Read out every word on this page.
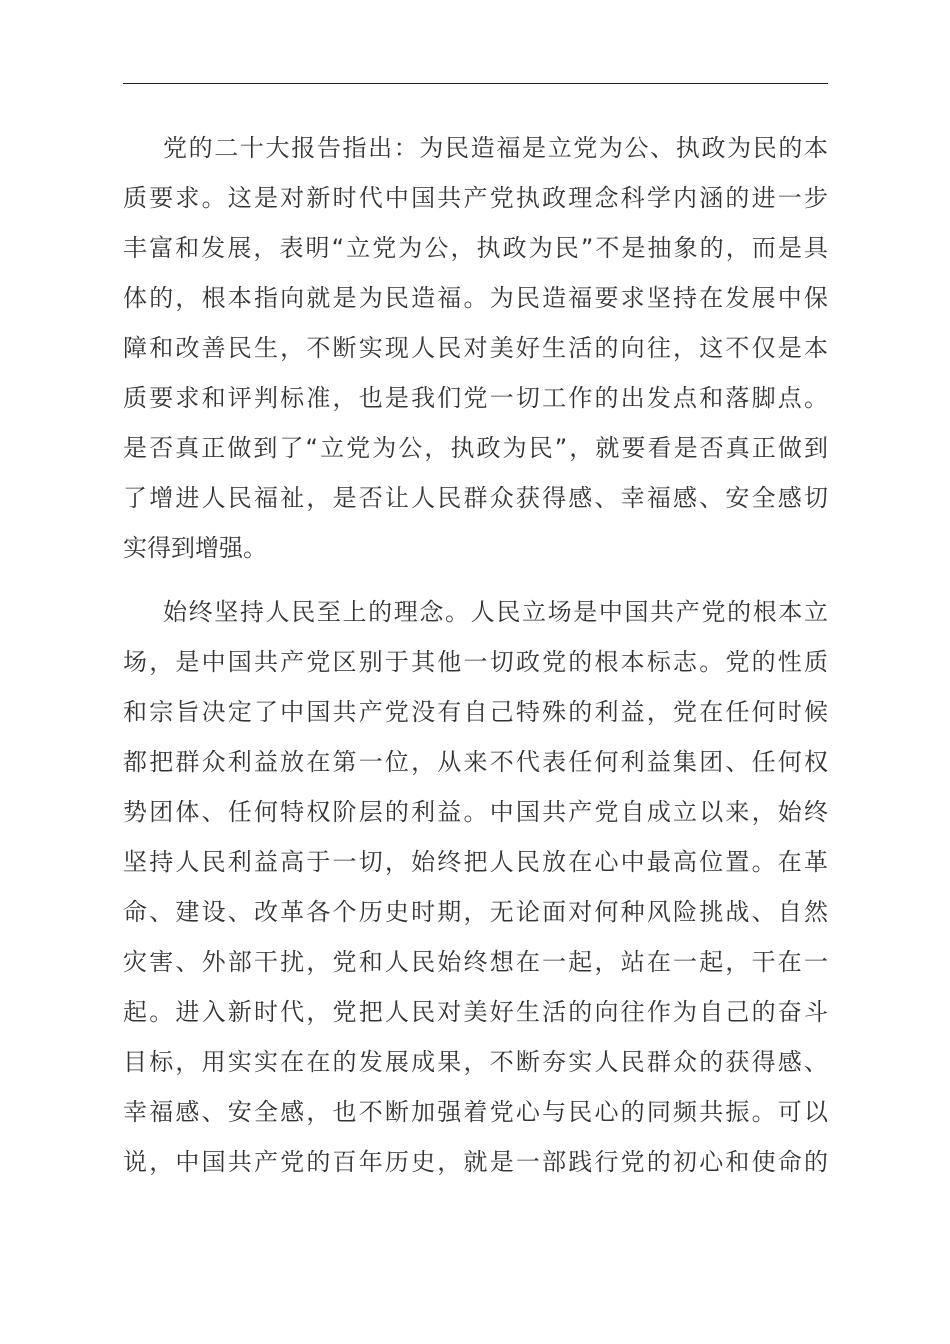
党的二十大报告指出：为民造福是立党为公、执政为民的本
质要求。这是对新时代中国共产党执政理念科学内涵的进一步
丰富和发展，表明“立党为公，执政为民”不是抽象的，而是具
体的，根本指向就是为民造福。为民造福要求坚持在发展中保
障和改善民生，不断实现人民对美好生活的向往，这不仅是本
质要求和评判标准，也是我们党一切工作的出发点和落脚点。
是否真正做到了“立党为公，执政为民”，就要看是否真正做到
了增进人民福祉，是否让人民群众获得感、幸福感、安全感切
实得到增强。

始终坚持人民至上的理念。人民立场是中国共产党的根本立
场，是中国共产党区别于其他一切政党的根本标志。党的性质
和宗旨决定了中国共产党没有自己特殊的利益，党在任何时候
都把群众利益放在第一位，从来不代表任何利益集团、任何权
势团体、任何特权阶层的利益。中国共产党自成立以来，始终
坚持人民利益高于一切，始终把人民放在心中最高位置。在革
命、建设、改革各个历史时期，无论面对何种风险挑战、自然
灾害、外部干扰，党和人民始终想在一起，站在一起，干在一
起。进入新时代，党把人民对美好生活的向往作为自己的奋斗
目标，用实实在在的发展成果，不断夯实人民群众的获得感、
幸福感、安全感，也不断加强着党心与民心的同频共振。可以
说，中国共产党的百年历史，就是一部践行党的初心和使命的
